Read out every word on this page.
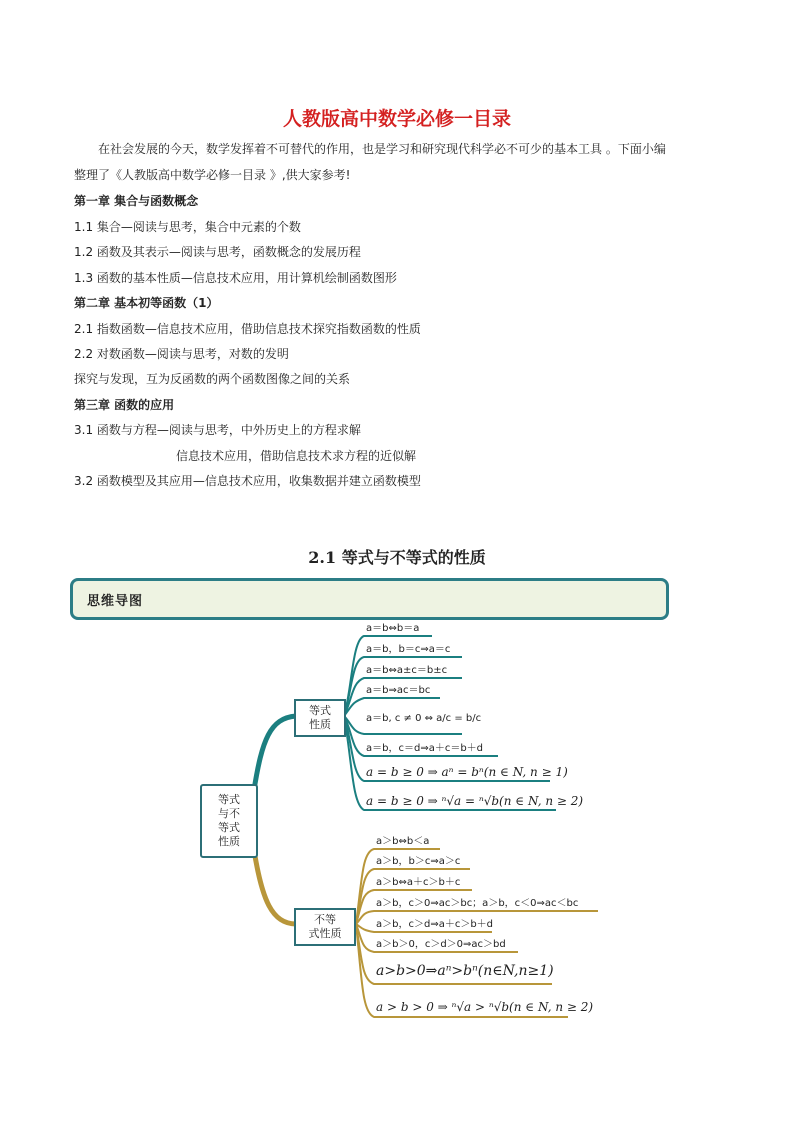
人教版高中数学必修一目录
在社会发展的今天，数学发挥着不可替代的作用，也是学习和研究现代科学必不可少的基本工具 。下面小编
整理了《人教版高中数学必修一目录 》,供大家参考!
第一章 集合与函数概念
1.1 集合—阅读与思考，集合中元素的个数
1.2 函数及其表示—阅读与思考，函数概念的发展历程
1.3 函数的基本性质—信息技术应用，用计算机绘制函数图形
第二章 基本初等函数（1）
2.1 指数函数—信息技术应用，借助信息技术探究指数函数的性质
2.2 对数函数—阅读与思考，对数的发明
探究与发现，互为反函数的两个函数图像之间的关系
第三章 函数的应用
3.1 函数与方程—阅读与思考，中外历史上的方程求解
信息技术应用，借助信息技术求方程的近似解
3.2 函数模型及其应用—信息技术应用，收集数据并建立函数模型
2.1 等式与不等式的性质
思维导图
等式
与不
等式
性质
等式
性质
不等
式性质
a＝b⇔b＝a
a＝b，b＝c⇒a＝c
a＝b⇔a±c＝b±c
a＝b⇒ac＝bc
a＝b, c ≠ 0 ⇔ a/c = b/c
a＝b，c＝d⇒a＋c＝b＋d
a = b ≥ 0 ⇒ aⁿ = bⁿ(n ∈ N, n ≥ 1)
a = b ≥ 0 ⇒ ⁿ√a = ⁿ√b(n ∈ N, n ≥ 2)
a＞b⇔b＜a
a＞b，b＞c⇒a＞c
a＞b⇔a＋c＞b＋c
a＞b，c＞0⇒ac＞bc；a＞b，c＜0⇒ac＜bc
a＞b，c＞d⇒a＋c＞b＋d
a＞b＞0，c＞d＞0⇒ac＞bd
a>b>0⇒aⁿ>bⁿ(n∈N,n≥1)
a > b > 0 ⇒ ⁿ√a > ⁿ√b(n ∈ N, n ≥ 2)
